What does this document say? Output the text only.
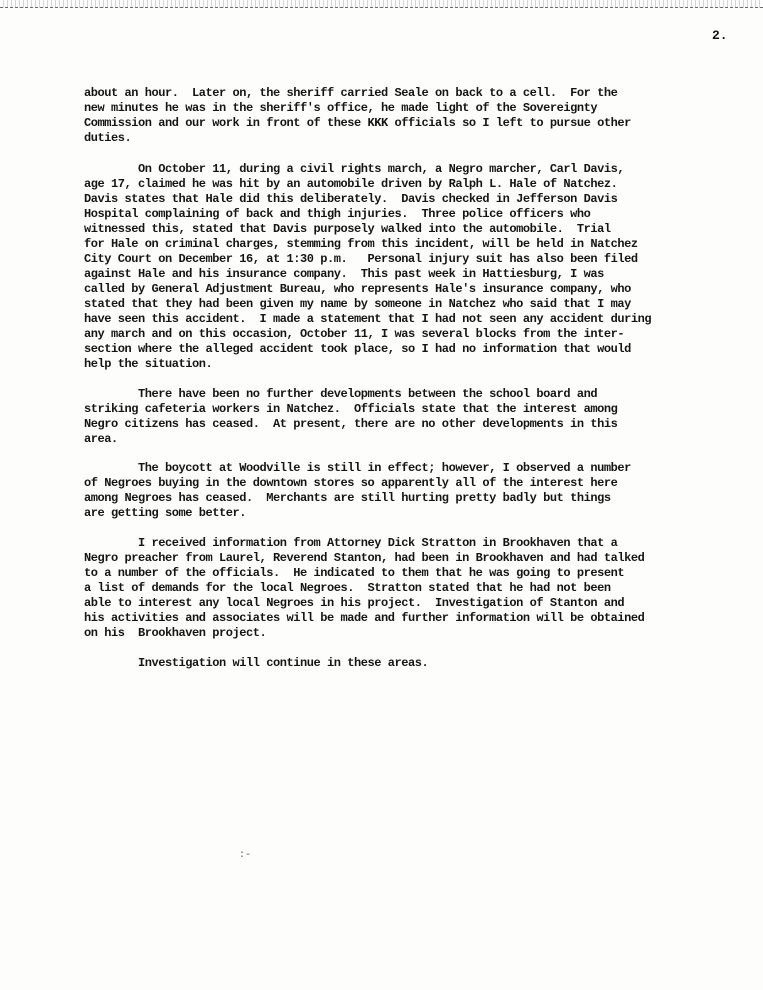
2.
about an hour.  Later on, the sheriff carried Seale on back to a cell.  For the
new minutes he was in the sheriff's office, he made light of the Sovereignty
Commission and our work in front of these KKK officials so I left to pursue other
duties.
On October 11, during a civil rights march, a Negro marcher, Carl Davis,
age 17, claimed he was hit by an automobile driven by Ralph L. Hale of Natchez.
Davis states that Hale did this deliberately.  Davis checked in Jefferson Davis
Hospital complaining of back and thigh injuries.  Three police officers who
witnessed this, stated that Davis purposely walked into the automobile.  Trial
for Hale on criminal charges, stemming from this incident, will be held in Natchez
City Court on December 16, at 1:30 p.m.   Personal injury suit has also been filed
against Hale and his insurance company.  This past week in Hattiesburg, I was
called by General Adjustment Bureau, who represents Hale's insurance company, who
stated that they had been given my name by someone in Natchez who said that I may
have seen this accident.  I made a statement that I had not seen any accident during
any march and on this occasion, October 11, I was several blocks from the inter-
section where the alleged accident took place, so I had no information that would
help the situation.
There have been no further developments between the school board and
striking cafeteria workers in Natchez.  Officials state that the interest among
Negro citizens has ceased.  At present, there are no other developments in this
area.
The boycott at Woodville is still in effect; however, I observed a number
of Negroes buying in the downtown stores so apparently all of the interest here
among Negroes has ceased.  Merchants are still hurting pretty badly but things
are getting some better.
I received information from Attorney Dick Stratton in Brookhaven that a
Negro preacher from Laurel, Reverend Stanton, had been in Brookhaven and had talked
to a number of the officials.  He indicated to them that he was going to present
a list of demands for the local Negroes.  Stratton stated that he had not been
able to interest any local Negroes in his project.  Investigation of Stanton and
his activities and associates will be made and further information will be obtained
on his  Brookhaven project.
Investigation will continue in these areas.
:-
